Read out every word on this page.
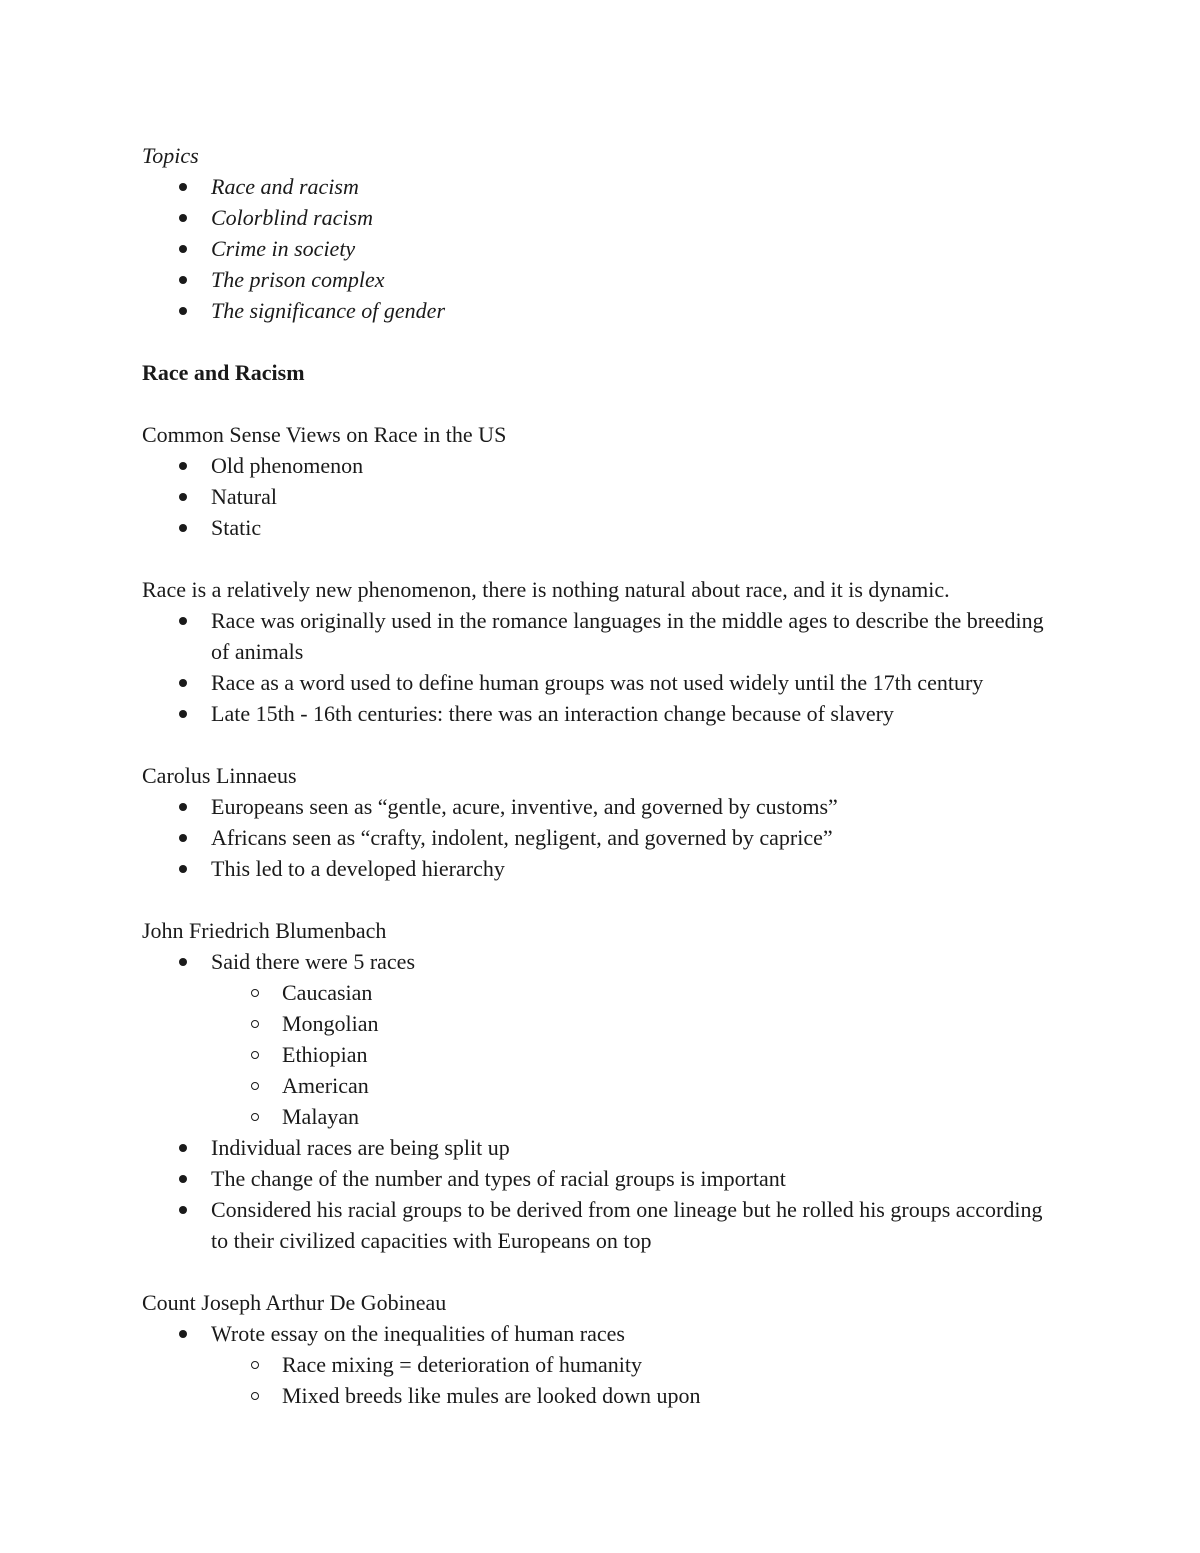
Topics

Race and racism
Colorblind racism
Crime in society
The prison complex
The significance of gender

Race and Racism

Common Sense Views on Race in the US

Old phenomenon
Natural
Static

Race is a relatively new phenomenon, there is nothing natural about race, and it is dynamic.

Race was originally used in the romance languages in the middle ages to describe the breeding of animals
Race as a word used to define human groups was not used widely until the 17th century
Late 15th - 16th centuries: there was an interaction change because of slavery

Carolus Linnaeus

Europeans seen as “gentle, acure, inventive, and governed by customs”
Africans seen as “crafty, indolent, negligent, and governed by caprice”
This led to a developed hierarchy

John Friedrich Blumenbach

Said there were 5 races
Caucasian
Mongolian
Ethiopian
American
Malayan
Individual races are being split up
The change of the number and types of racial groups is important
Considered his racial groups to be derived from one lineage but he rolled his groups according to their civilized capacities with Europeans on top

Count Joseph Arthur De Gobineau

Wrote essay on the inequalities of human races
Race mixing = deterioration of humanity
Mixed breeds like mules are looked down upon
